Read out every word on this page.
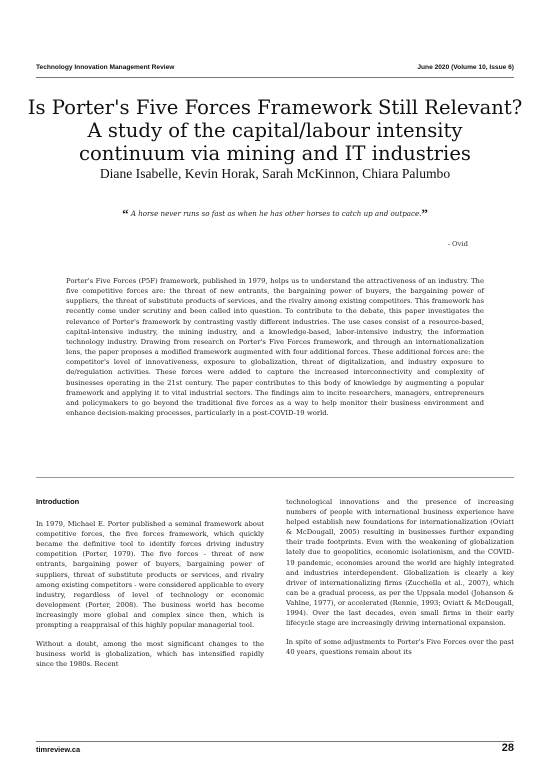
Technology Innovation Management Review	June 2020 (Volume 10, Issue 6)
Is Porter's Five Forces Framework Still Relevant?
A study of the capital/labour intensity
continuum via mining and IT industries
Diane Isabelle, Kevin Horak, Sarah McKinnon, Chiara Palumbo
“ A horse never runs so fast as when he has other horses to catch up and outpace.”
- Ovid
Porter's Five Forces (P5F) framework, published in 1979, helps us to understand the attractiveness of an industry. The five competitive forces are: the threat of new entrants, the bargaining power of buyers, the bargaining power of suppliers, the threat of substitute products of services, and the rivalry among existing competitors. This framework has recently come under scrutiny and been called into question. To contribute to the debate, this paper investigates the relevance of Porter's framework by contrasting vastly different industries. The use cases consist of a resource-based, capital-intensive industry, the mining industry, and a knowledge-based, labor-intensive industry, the information technology industry. Drawing from research on Porter's Five Forces framework, and through an internationalization lens, the paper proposes a modified framework augmented with four additional forces. These additional forces are: the competitor's level of innovativeness, exposure to globalization, threat of digitalization, and industry exposure to de/regulation activities. These forces were added to capture the increased interconnectivity and complexity of businesses operating in the 21st century. The paper contributes to this body of knowledge by augmenting a popular framework and applying it to vital industrial sectors. The findings aim to incite researchers, managers, entrepreneurs and policymakers to go beyond the traditional five forces as a way to help monitor their business environment and enhance decision-making processes, particularly in a post-COVID-19 world.
Introduction

In 1979, Michael E. Porter published a seminal framework about competitive forces, the five forces framework, which quickly became the definitive tool to identify forces driving industry competition (Porter, 1979). The five forces - threat of new entrants, bargaining power of buyers, bargaining power of suppliers, threat of substitute products or services, and rivalry among existing competitors - were considered applicable to every industry, regardless of level of technology or economic development (Porter, 2008). The business world has become increasingly more global and complex since then, which is prompting a reappraisal of this highly popular managerial tool.

Without a doubt, among the most significant changes to the business world is globalization, which has intensified rapidly since the 1980s. Recent

technological innovations and the presence of increasing numbers of people with international business experience have helped establish new foundations for internationalization (Oviatt & McDougall, 2005) resulting in businesses further expanding their trade footprints. Even with the weakening of globalization lately due to geopolitics, economic isolationism, and the COVID-19 pandemic, economies around the world are highly integrated and industries interdependent. Globalization is clearly a key driver of internationalizing firms (Zucchella et al., 2007), which can be a gradual process, as per the Uppsala model (Johanson & Vahlne, 1977), or accelerated (Rennie, 1993; Oviatt & McDougall, 1994). Over the last decades, even small firms in their early lifecycle stage are increasingly driving international expansion.

In spite of some adjustments to Porter's Five Forces over the past 40 years, questions remain about its

timreview.ca	28
